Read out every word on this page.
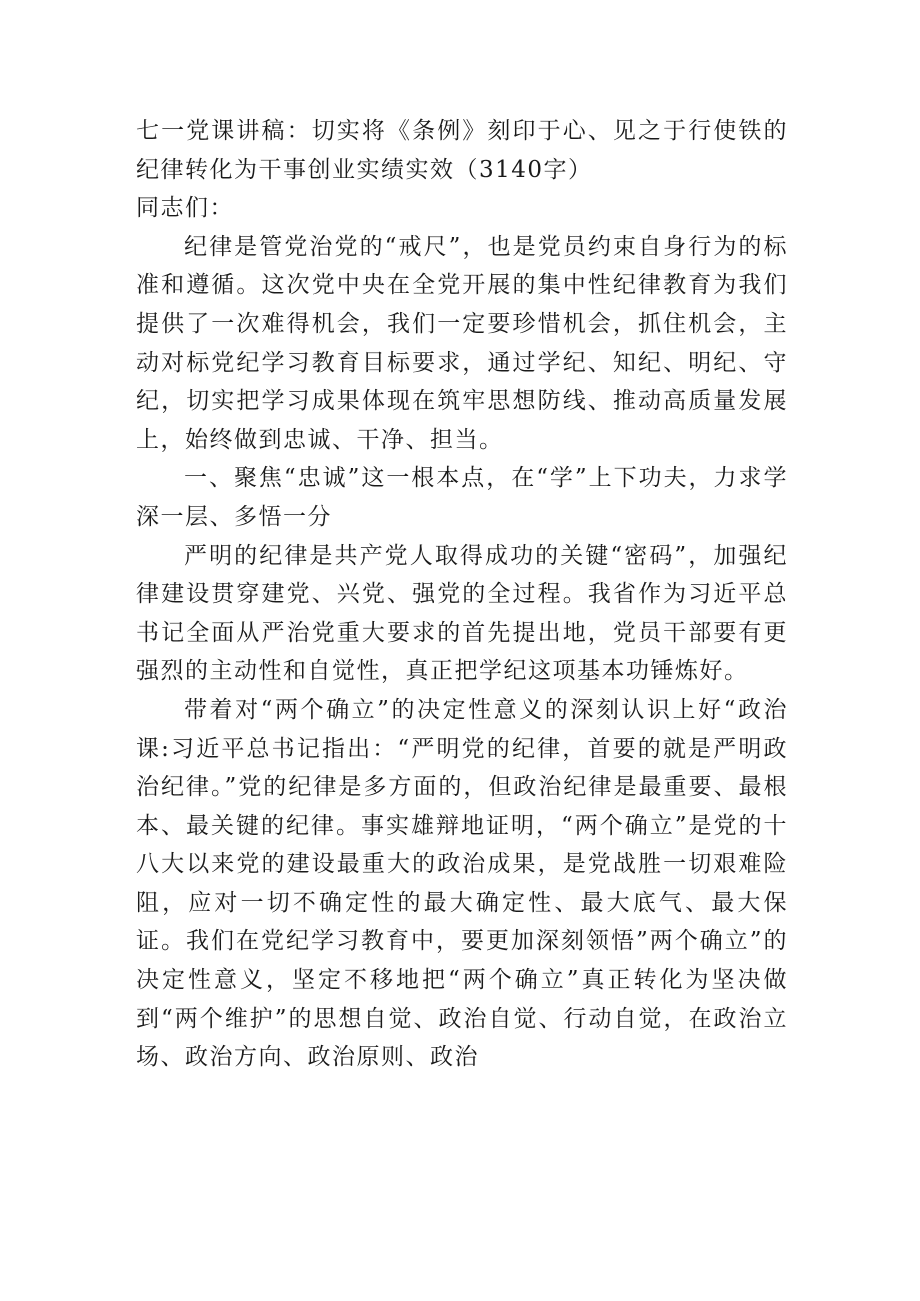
七一党课讲稿：切实将《条例》刻印于心、见之于行使铁的纪律转化为干事创业实绩实效（3140字）

同志们：

纪律是管党治党的“戒尺”，也是党员约束自身行为的标准和遵循。这次党中央在全党开展的集中性纪律教育为我们提供了一次难得机会，我们一定要珍惜机会，抓住机会，主动对标党纪学习教育目标要求，通过学纪、知纪、明纪、守纪，切实把学习成果体现在筑牢思想防线、推动高质量发展上，始终做到忠诚、干净、担当。

一、聚焦“忠诚”这一根本点，在“学”上下功夫，力求学深一层、多悟一分

严明的纪律是共产党人取得成功的关键“密码”，加强纪律建设贯穿建党、兴党、强党的全过程。我省作为习近平总书记全面从严治党重大要求的首先提出地，党员干部要有更强烈的主动性和自觉性，真正把学纪这项基本功锤炼好。

带着对“两个确立”的决定性意义的深刻认识上好“政治课:习近平总书记指出：“严明党的纪律，首要的就是严明政治纪律。”党的纪律是多方面的，但政治纪律是最重要、最根本、最关键的纪律。事实雄辩地证明，“两个确立”是党的十八大以来党的建设最重大的政治成果，是党战胜一切艰难险阻，应对一切不确定性的最大确定性、最大底气、最大保证。我们在党纪学习教育中，要更加深刻领悟”两个确立”的决定性意义，坚定不移地把“两个确立”真正转化为坚决做到“两个维护”的思想自觉、政治自觉、行动自觉，在政治立场、政治方向、政治原则、政治
